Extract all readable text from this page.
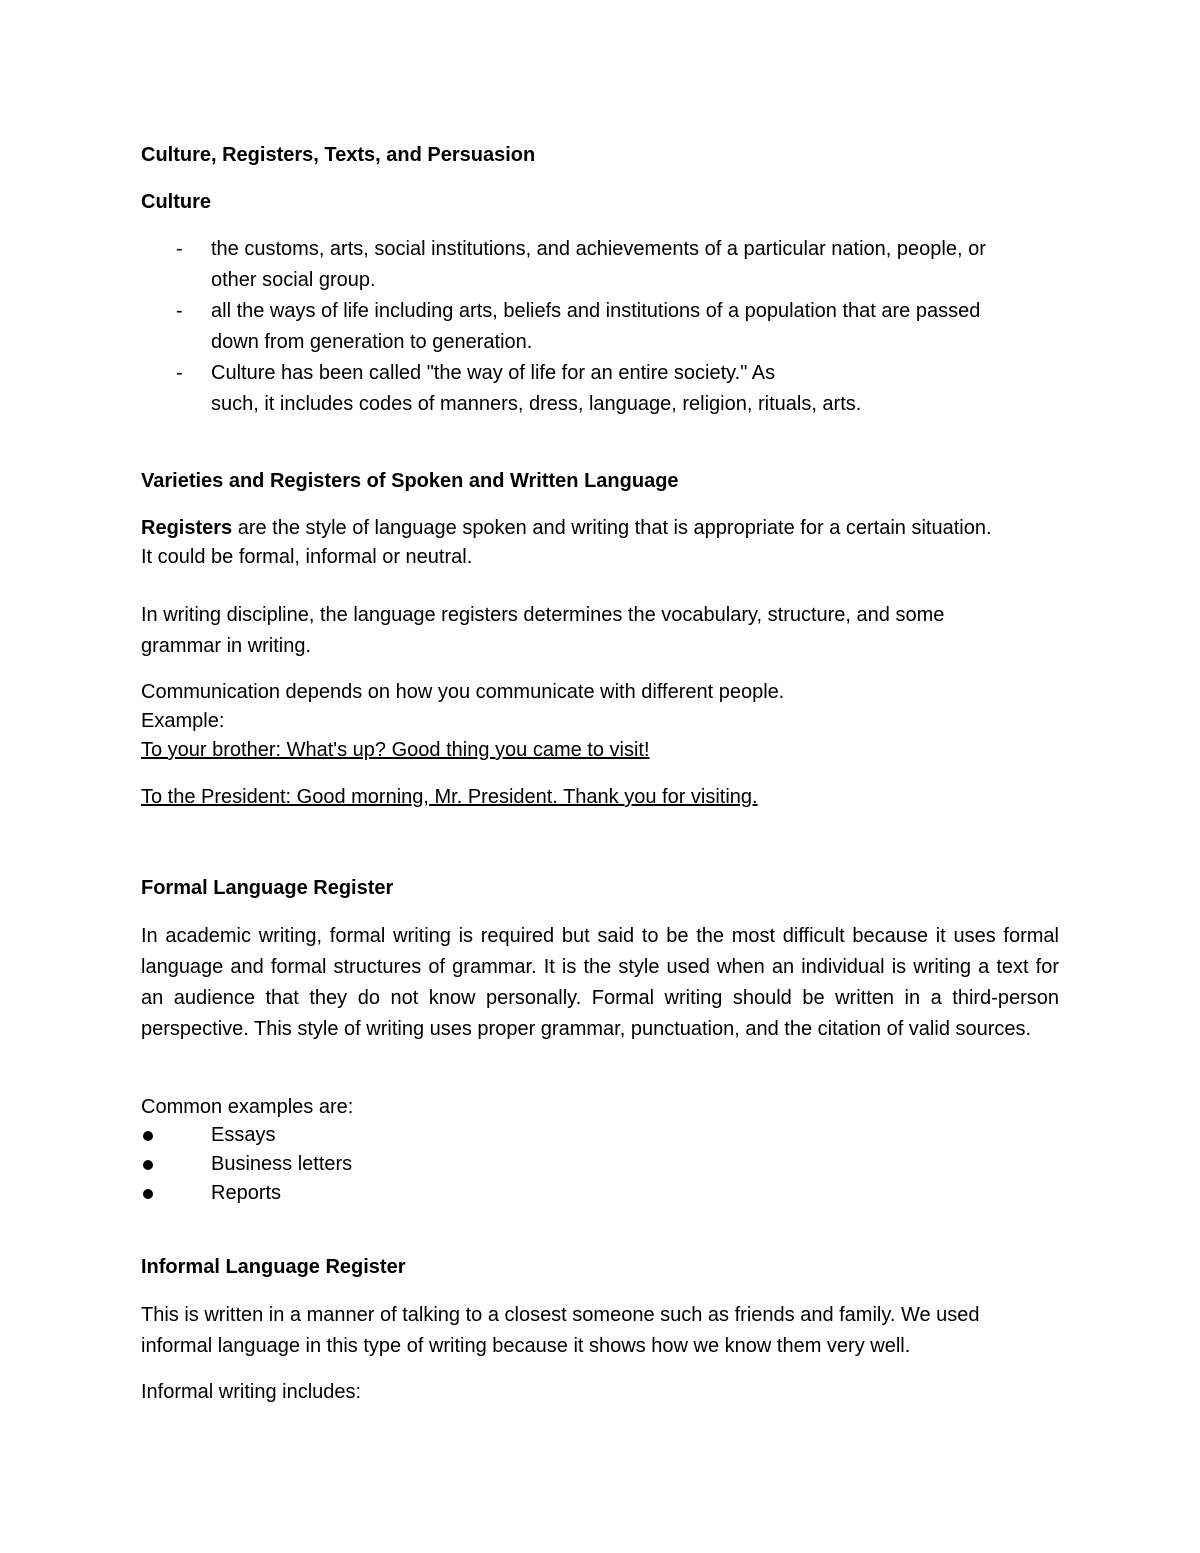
Culture, Registers, Texts, and Persuasion
Culture
- the customs, arts, social institutions, and achievements of a particular nation, people, or
other social group.
- all the ways of life including arts, beliefs and institutions of a population that are passed
down from generation to generation.
- Culture has been called "the way of life for an entire society." As
such, it includes codes of manners, dress, language, religion, rituals, arts.
Varieties and Registers of Spoken and Written Language
Registers are the style of language spoken and writing that is appropriate for a certain situation.
It could be formal, informal or neutral.
In writing discipline, the language registers determines the vocabulary, structure, and some
grammar in writing.
Communication depends on how you communicate with different people.
Example:
To your brother: What's up? Good thing you came to visit!
To the President: Good morning, Mr. President. Thank you for visiting.
Formal Language Register

In academic writing, formal writing is required but said to be the most difficult because it uses formal language and formal structures of grammar. It is the style used when an individual is writing a text for an audience that they do not know personally. Formal writing should be written in a third-person perspective. This style of writing uses proper grammar, punctuation, and the citation of valid sources.

Common examples are:
Essays
Business letters
Reports
Informal Language Register
This is written in a manner of talking to a closest someone such as friends and family. We used
informal language in this type of writing because it shows how we know them very well.
Informal writing includes:
